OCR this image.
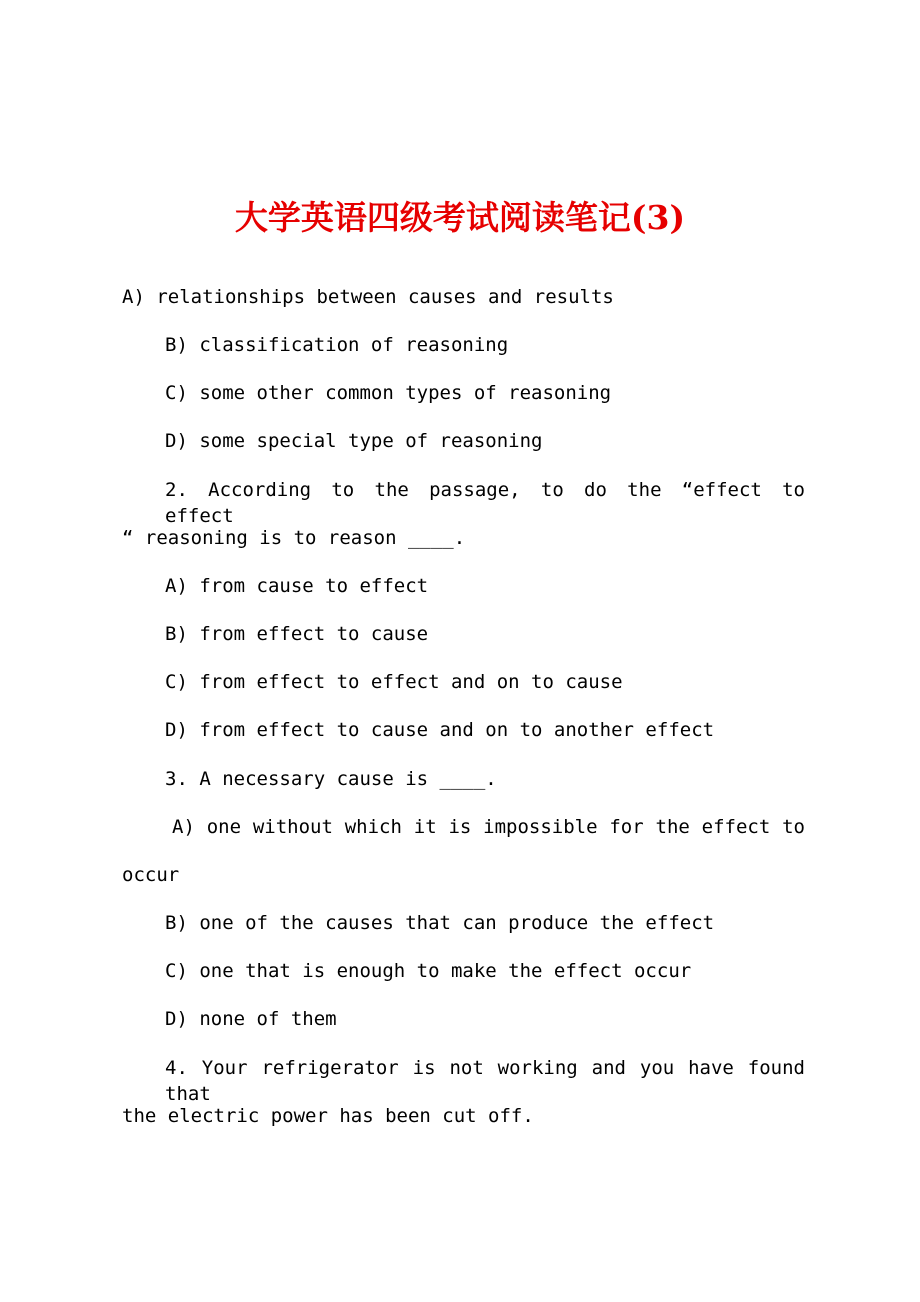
大学英语四级考试阅读笔记(3)
A) relationships between causes and results
B) classification of reasoning
C) some other common types of reasoning
D) some special type of reasoning
2. According to the passage, to do the “effect to effect
“ reasoning is to reason ____.
A) from cause to effect
B) from effect to cause
C) from effect to effect and on to cause
D) from effect to cause and on to another effect
3. A necessary cause is ____.
A) one without which it is impossible for the effect to
occur
B) one of the causes that can produce the effect
C) one that is enough to make the effect occur
D) none of them
4. Your refrigerator is not working and you have found that
the electric power has been cut off.
